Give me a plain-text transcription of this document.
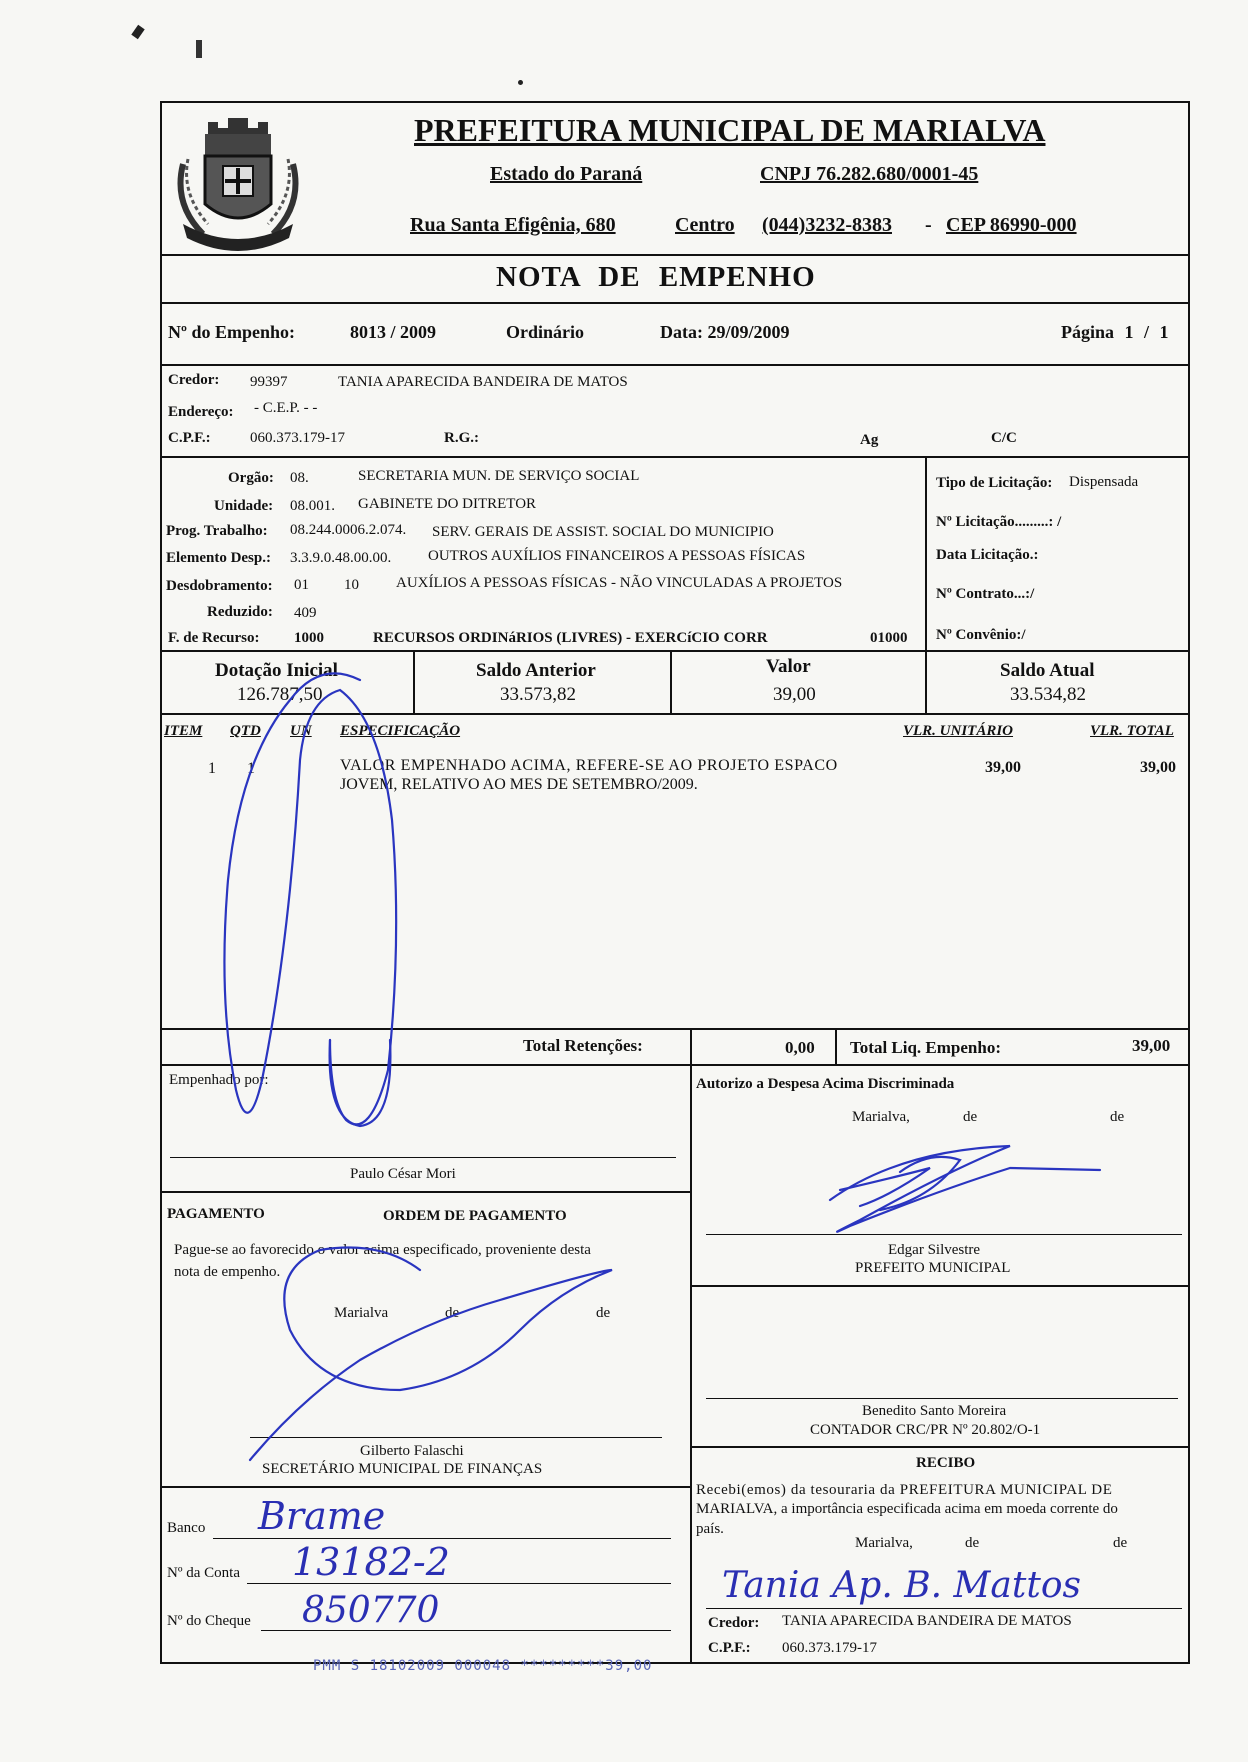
PREFEITURA MUNICIPAL DE MARIALVA
Estado do Paraná	CNPJ 76.282.680/0001-45
Rua Santa Efigênia, 680	Centro (044)3232-8383 - CEP 86990-000
NOTA DE EMPENHO
Nº do Empenho:	8013 / 2009	Ordinário	Data: 29/09/2009	Página 1 / 1
Credor: 99397	TANIA APARECIDA BANDEIRA DE MATOS
Endereço: - C.E.P. - -
C.P.F.:	060.373.179-17	R.G.:	Ag	C/C
Orgão: 08.	SECRETARIA MUN. DE SERVIÇO SOCIAL
Unidade: 08.001. GABINETE DO DITRETOR
Prog. Trabalho: 08.244.0006.2.074. SERV. GERAIS DE ASSIST. SOCIAL DO MUNICIPIO
Elemento Desp.: 3.3.9.0.48.00.00. OUTROS AUXÍLIOS FINANCEIROS A PESSOAS FÍSICAS
Desdobramento: 01 10 AUXÍLIOS A PESSOAS FÍSICAS - NÃO VINCULADAS A PROJETOS
Reduzido: 409
F. de Recurso: 1000	RECURSOS ORDINáRIOS (LIVRES) - EXERCíCIO CORR	01000
Tipo de Licitação: Dispensada
Nº Licitação.........: /
Data Licitação.:
Nº Contrato...:/
Nº Convênio:/
Dotação Inicial
126.787,50
Saldo Anterior
33.573,82
Valor
39,00
Saldo Atual
33.534,82
ITEM QTD UN ESPECIFICAÇÃO	VLR. UNITÁRIO	VLR. TOTAL
1 1	VALOR EMPENHADO ACIMA, REFERE-SE AO PROJETO ESPACO
JOVEM, RELATIVO AO MES DE SETEMBRO/2009.
39,00	39,00
Total Retenções:	0,00 Total Liq. Empenho:	39,00
Empenhado por:
Paulo César Mori
Autorizo a Despesa Acima Discriminada
Marialva,	de	de
Edgar Silvestre
PREFEITO MUNICIPAL
PAGAMENTO	ORDEM DE PAGAMENTO
Pague-se ao favorecido o valor acima especificado, proveniente desta
nota de empenho.
Marialva	de	de
Gilberto Falaschi
SECRETÁRIO MUNICIPAL DE FINANÇAS
Banco Brame
Nº da Conta 13182-2
Nº do Cheque 850770
Benedito Santo Moreira
CONTADOR CRC/PR Nº 20.802/O-1
RECIBO
Recebi(emos) da tesouraria da PREFEITURA MUNICIPAL DE
MARIALVA, a importância especificada acima em moeda corrente do
país.
Marialva,	de	de
Tania Ap. B. Mattos
Credor: TANIA APARECIDA BANDEIRA DE MATOS
C.P.F.: 060.373.179-17
PMM S 18102009 000048 *********39,00
